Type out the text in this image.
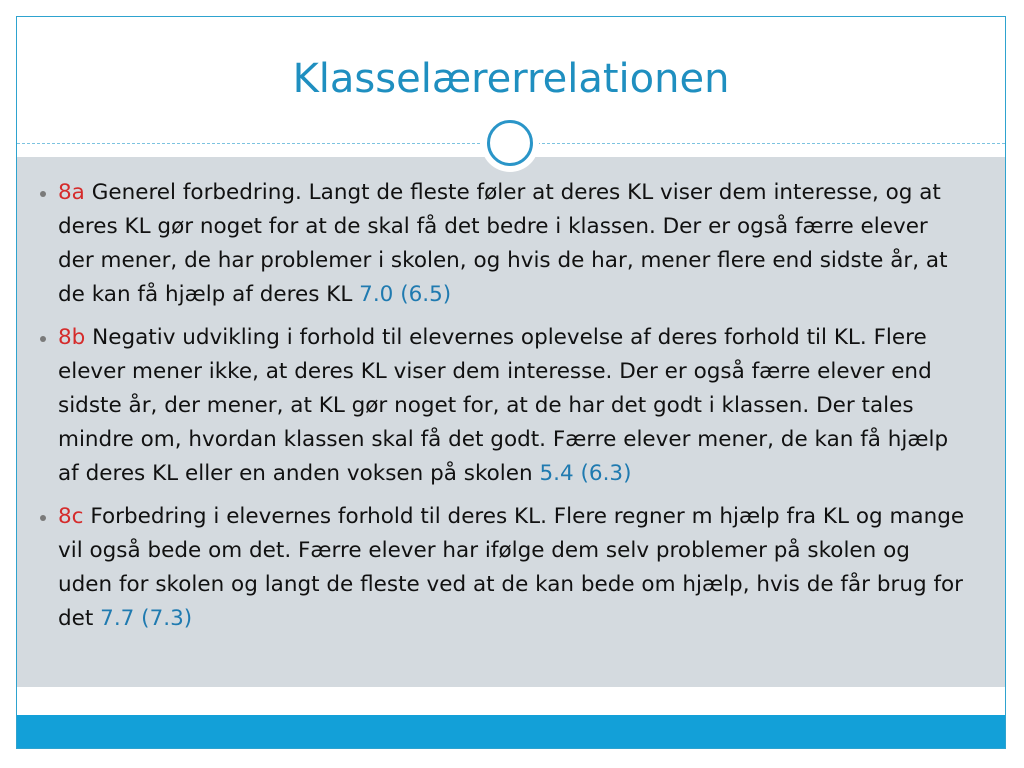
Klasselærerrelationen
8a Generel forbedring. Langt de fleste føler at deres KL viser dem interesse, og at deres KL gør noget for at de skal få det bedre i klassen. Der er også færre elever der mener, de har problemer i skolen, og hvis de har, mener flere end sidste år, at de kan få hjælp af deres KL 7.0 (6.5)
8b Negativ udvikling i forhold til elevernes oplevelse af deres forhold til KL. Flere elever mener ikke, at deres KL viser dem interesse. Der er også færre elever end sidste år, der mener, at KL gør noget for, at de har det godt i klassen. Der tales mindre om, hvordan klassen skal få det godt. Færre elever mener, de kan få hjælp af deres KL eller en anden voksen på skolen 5.4 (6.3)
8c Forbedring i elevernes forhold til deres KL. Flere regner m hjælp fra KL og mange vil også bede om det. Færre elever har ifølge dem selv problemer på skolen og uden for skolen og langt de fleste ved at de kan bede om hjælp, hvis de får brug for det 7.7 (7.3)
